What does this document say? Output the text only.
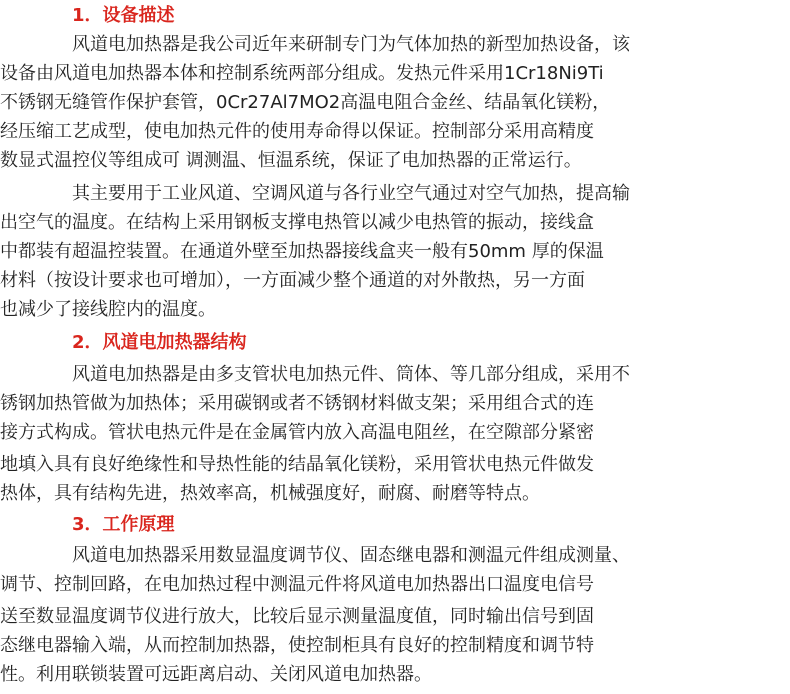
1．设备描述
风道电加热器是我公司近年来研制专门为气体加热的新型加热设备，该
设备由风道电加热器本体和控制系统两部分组成。发热元件采用1Cr18Ni9Ti
不锈钢无缝管作保护套管，0Cr27Al7MO2高温电阻合金丝、结晶氧化镁粉，
经压缩工艺成型，使电加热元件的使用寿命得以保证。控制部分采用高精度
数显式温控仪等组成可 调测温、恒温系统，保证了电加热器的正常运行。
其主要用于工业风道、空调风道与各行业空气通过对空气加热，提高输
出空气的温度。在结构上采用钢板支撑电热管以减少电热管的振动，接线盒
中都装有超温控装置。在通道外壁至加热器接线盒夹一般有50mm 厚的保温
材料（按设计要求也可增加），一方面减少整个通道的对外散热，另一方面
也减少了接线腔内的温度。
2．风道电加热器结构
风道电加热器是由多支管状电加热元件、筒体、等几部分组成，采用不
锈钢加热管做为加热体；采用碳钢或者不锈钢材料做支架；采用组合式的连
接方式构成。管状电热元件是在金属管内放入高温电阻丝，在空隙部分紧密
地填入具有良好绝缘性和导热性能的结晶氧化镁粉，采用管状电热元件做发
热体，具有结构先进，热效率高，机械强度好，耐腐、耐磨等特点。
3．工作原理
风道电加热器采用数显温度调节仪、固态继电器和测温元件组成测量、
调节、控制回路，在电加热过程中测温元件将风道电加热器出口温度电信号
送至数显温度调节仪进行放大，比较后显示测量温度值，同时输出信号到固
态继电器输入端，从而控制加热器，使控制柜具有良好的控制精度和调节特
性。利用联锁装置可远距离启动、关闭风道电加热器。
